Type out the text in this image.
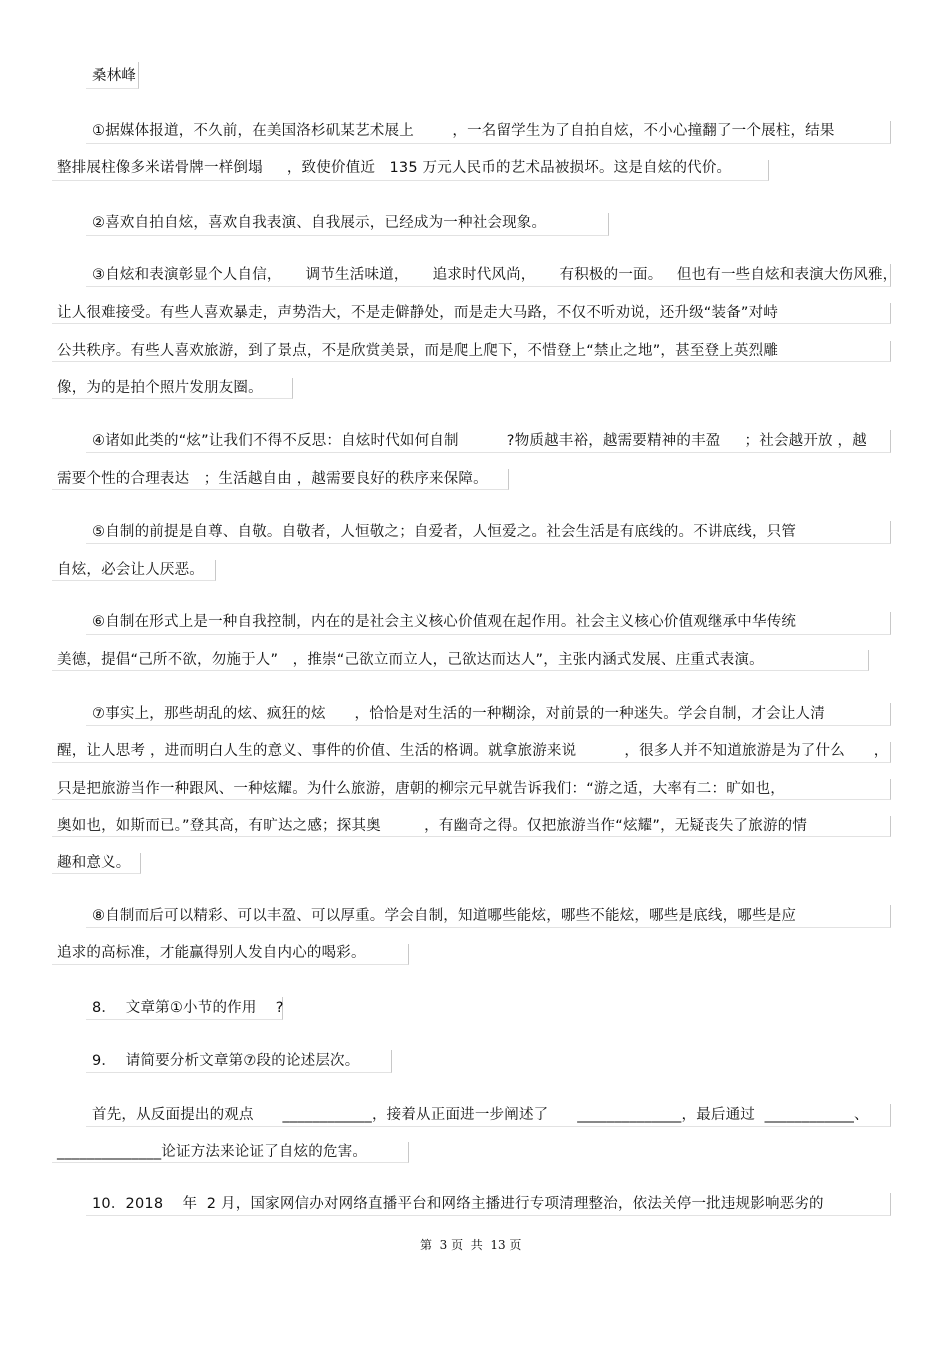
桑林峰
①据媒体报道，不久前，在美国洛杉矶某艺术展上        ，一名留学生为了自拍自炫，不小心撞翻了一个展柱，结果
整排展柱像多米诺骨牌一样倒塌     ，致使价值近   135 万元人民币的艺术品被损坏。这是自炫的代价。
②喜欢自拍自炫，喜欢自我表演、自我展示，已经成为一种社会现象。
③自炫和表演彰显个人自信，     调节生活味道，     追求时代风尚，     有积极的一面。   但也有一些自炫和表演大伤风雅，
让人很难接受。有些人喜欢暴走，声势浩大，不是走僻静处，而是走大马路，不仅不听劝说，还升级“装备”对峙
公共秩序。有些人喜欢旅游，到了景点，不是欣赏美景，而是爬上爬下，不惜登上“禁止之地”，甚至登上英烈雕
像，为的是拍个照片发朋友圈。
④诸如此类的“炫”让我们不得不反思：自炫时代如何自制          ?物质越丰裕，越需要精神的丰盈     ；社会越开放 ，越
需要个性的合理表达   ；生活越自由 ，越需要良好的秩序来保障。
⑤自制的前提是自尊、自敬。自敬者，人恒敬之；自爱者，人恒爱之。社会生活是有底线的。不讲底线，只管
自炫，必会让人厌恶。
⑥自制在形式上是一种自我控制，内在的是社会主义核心价值观在起作用。社会主义核心价值观继承中华传统
美德，提倡“己所不欲，勿施于人”   ，推崇“己欲立而立人，己欲达而达人”，主张内涵式发展、庄重式表演。
⑦事实上，那些胡乱的炫、疯狂的炫      ，恰恰是对生活的一种糊涂，对前景的一种迷失。学会自制，才会让人清
醒，让人思考 ，进而明白人生的意义、事件的价值、生活的格调。就拿旅游来说          ，很多人并不知道旅游是为了什么      ，
只是把旅游当作一种跟风、一种炫耀。为什么旅游，唐朝的柳宗元早就告诉我们：“游之适，大率有二：旷如也，
奥如也，如斯而已。”登其高，有旷达之感；探其奥         ，有幽奇之得。仅把旅游当作“炫耀”，无疑丧失了旅游的情
趣和意义。
⑧自制而后可以精彩、可以丰盈、可以厚重。学会自制，知道哪些能炫，哪些不能炫，哪些是底线，哪些是应
追求的高标准，才能赢得别人发自内心的喝彩。
8．  文章第①小节的作用    ?
9．  请简要分析文章第⑦段的论述层次。
首先，从反面提出的观点      ____________，接着从正面进一步阐述了      ______________，最后通过  ____________、
______________论证方法来论证了自炫的危害。
10．2018    年  2 月，国家网信办对网络直播平台和网络主播进行专项清理整治，依法关停一批违规影响恶劣的
第  3 页  共  13 页
